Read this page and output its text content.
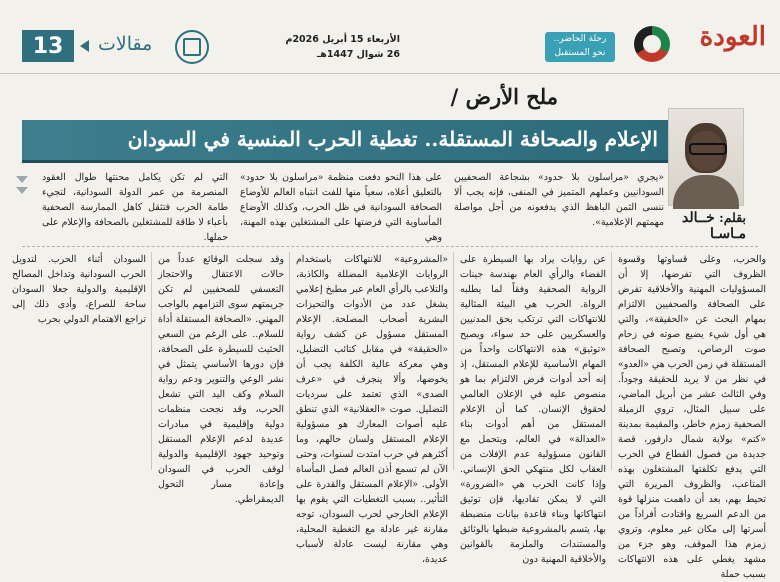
العودة
رحلة الحاضر..
نحو المستقبل
الأربعاء 15 أبريل 2026م
26 شوال 1447هـ
مقالات
13
ملح الأرض /
الإعلام والصحافة المستقلة.. تغطية الحرب المنسية في السودان
بقلم: خــالد
مـاسـا

«يجري «مراسلون بلا حدود» بشجاعة الصحفيين السودانيين وعملهم المتميز في المنفى، فإنه يجب ألا ننسى الثمن الباهظ الذي يدفعونه من أجل مواصلة مهمتهم الإعلامية».

على هذا النحو دفعت منظمة «مراسلون بلا حدود» بالتعليق أعلاه، سعياً منها للفت انتباه العالم للأوضاع الصحافة السودانية في ظل الحرب، وكذلك الأوضاع المأساوية التي فرضتها على المشتغلين بهذه المهنة، وهي

التي لم تكن يكامل محنتها طوال العقود المنصرمة من عمر الدولة السودانية، لتجيء طامة الحرب فتثقل كاهل الممارسة الصحفية بأعباء لا طاقة للمشتغلين بالصحافة والإعلام على حملها.

والحرب، وعلى قساوتها وقسوة الظروف التي تفرضها، إلا أن المسؤوليات المهنية والأخلاقية تفرض على الصحافة والصحفيين الالتزام بمهام البحث عن «الحقيقة»، والتي هي أول شيء يضيع صوته في زحام صوت الرصاص، وتصبح الصحافة المستقلة في زمن الحرب هي «العدو» في نظر من لا يريد للحقيقة وجوداً. وفي الثالث عشر من أبريل الماضي، على سبيل المثال، تروي الزميلة الصحفية زمزم خاطر، والمقيمة بمدينة «كتم» بولاية شمال دارفور، قصة جديدة من فصول القطاع في الحرب التي يدفع تكلفتها المشتغلون بهذه المتاعب، والظروف المريرة التي تحيط بهم، بعد أن داهمت منزلها قوة من الدعم السريع واقتادت أفراداً من أسرتها إلى مكان غير معلوم، وتروي زمزم هذا الموقف، وهو جزء من مشهد يغطي على هذه الانتهاكات بسبب حملة

عن روايات يراد بها السيطرة على الفضاء والرأي العام بهندسة جينات الرواية الصحفية وفقاً لما يطلبه الرواة. الحرب هي البيئة المثالية للانتهاكات التي ترتكب بحق المدنيين والعسكريين على حد سواء، ويصبح «توثيق» هذه الانتهاكات واحداً من المهام الأساسية للإعلام المستقل، إذ إنه أحد أدوات فرض الالتزام بما هو منصوص عليه في الإعلان العالمي لحقوق الإنسان. كما أن الإعلام المستقل من أهم أدوات بناء «العدالة» في العالم، ويتحمل مع القانون مسؤولية عدم الإفلات من العقاب لكل منتهكي الحق الإنساني. وإذا كانت الحرب هي «الضرورة» التي لا يمكن تفاديها، فإن توثيق انتهاكاتها وبناء قاعدة بيانات منضبطة بها، يتسم بالمشروعية ضبطها بالوثائق والمستندات والملزمة بالقوانين والأخلاقية المهنية دون

«المشروعية» للانتهاكات باستخدام الروايات الإعلامية المضللة والكاذبة، والتلاعب بالرأي العام عبر مطبخ إعلامي يشغل عدد من الأدوات والتحيزات البشرية أصحاب المصلحة. الإعلام المستقل مسؤول عن كشف رواية «الحقيقة» في مقابل كتائب التضليل، وهي معركة عالية الكلفة يجب أن يخوضها، وألا ينجرف في «عرف الصدى» الذي تعتمد على سرديات التضليل. صوت «العقلانية» الذي تنطق عليه أصوات المعارك هو مسؤولية الإعلام المستقل ولسان حالهم، وما أكثرهم في حرب امتدت لسنوات، وحتى الآن لم تسمع أذن العالم فصل المأساة الأولى. «الإعلام المستقل والقدرة على التأثير.. بسبب التغطيات التي يقوم بها الإعلام الخارجي لحرب السودان، توجه مقارنة غير عادلة مع التغطية المحلية، وهي مقارنة ليست عادلة لأسباب عديدة،

وقد سجلت الوقائع عدداً من حالات الاعتقال والاحتجاز التعسفي للصحفيين لم تكن جريمتهم سوى التزامهم بالواجب المهني. «الصحافة المستقلة أداة للسلام.. على الرغم من السعي الحثيث للسيطرة على الصحافة، فإن دورها الأساسي يتمثل في نشر الوعي والتنوير ودعم رواية السلام وكف اليد التي تشعل الحرب، وقد نجحت منظمات دولية وإقليمية في مبادرات عديدة لدعم الإعلام المستقل وتوحيد جهود الإقليمية والدولية لوقف الحرب في السودان وإعادة مسار التحول الديمقراطي.

السودان أثناء الحرب. لتدويل الحرب السودانية وتداخل المصالح الإقليمية والدولية جعلا السودان ساحة للصراع، وأدى ذلك إلى تراجع الاهتمام الدولي بحرب
